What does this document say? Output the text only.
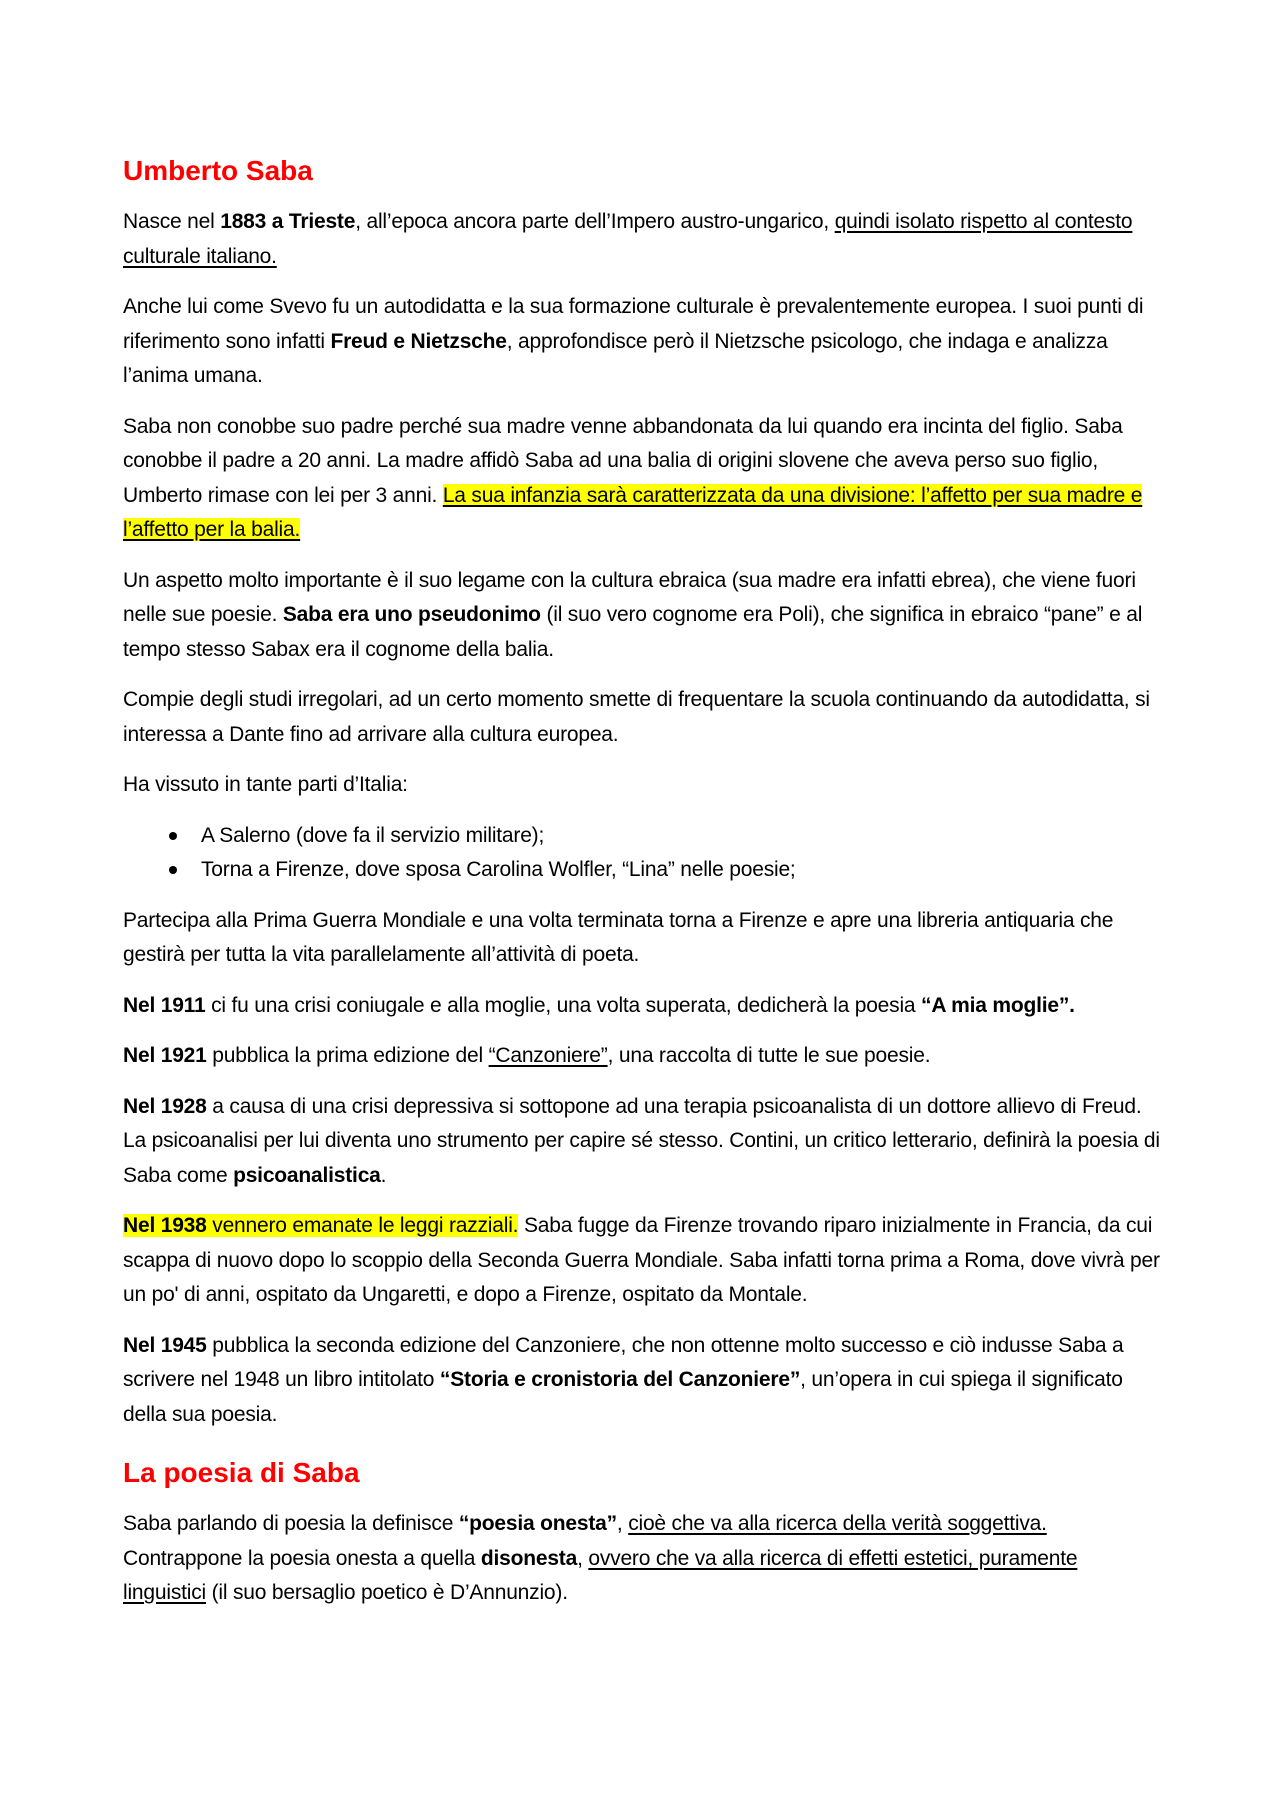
Umberto Saba

Nasce nel 1883 a Trieste, all’epoca ancora parte dell’Impero austro-ungarico, quindi isolato rispetto al contesto culturale italiano.

Anche lui come Svevo fu un autodidatta e la sua formazione culturale è prevalentemente europea. I suoi punti di riferimento sono infatti Freud e Nietzsche, approfondisce però il Nietzsche psicologo, che indaga e analizza l’anima umana.

Saba non conobbe suo padre perché sua madre venne abbandonata da lui quando era incinta del figlio. Saba conobbe il padre a 20 anni. La madre affidò Saba ad una balia di origini slovene che aveva perso suo figlio, Umberto rimase con lei per 3 anni. La sua infanzia sarà caratterizzata da una divisione: l’affetto per sua madre e l’affetto per la balia.

Un aspetto molto importante è il suo legame con la cultura ebraica (sua madre era infatti ebrea), che viene fuori nelle sue poesie. Saba era uno pseudonimo (il suo vero cognome era Poli), che significa in ebraico “pane” e al tempo stesso Sabax era il cognome della balia.

Compie degli studi irregolari, ad un certo momento smette di frequentare la scuola continuando da autodidatta, si interessa a Dante fino ad arrivare alla cultura europea.

Ha vissuto in tante parti d’Italia:

A Salerno (dove fa il servizio militare);
Torna a Firenze, dove sposa Carolina Wolfler, “Lina” nelle poesie;

Partecipa alla Prima Guerra Mondiale e una volta terminata torna a Firenze e apre una libreria antiquaria che gestirà per tutta la vita parallelamente all’attività di poeta.

Nel 1911 ci fu una crisi coniugale e alla moglie, una volta superata, dedicherà la poesia “A mia moglie”.

Nel 1921 pubblica la prima edizione del “Canzoniere”, una raccolta di tutte le sue poesie.

Nel 1928 a causa di una crisi depressiva si sottopone ad una terapia psicoanalista di un dottore allievo di Freud. La psicoanalisi per lui diventa uno strumento per capire sé stesso. Contini, un critico letterario, definirà la poesia di Saba come psicoanalistica.

Nel 1938 vennero emanate le leggi razziali. Saba fugge da Firenze trovando riparo inizialmente in Francia, da cui scappa di nuovo dopo lo scoppio della Seconda Guerra Mondiale. Saba infatti torna prima a Roma, dove vivrà per un po' di anni, ospitato da Ungaretti, e dopo a Firenze, ospitato da Montale.

Nel 1945 pubblica la seconda edizione del Canzoniere, che non ottenne molto successo e ciò indusse Saba a scrivere nel 1948 un libro intitolato “Storia e cronistoria del Canzoniere”, un’opera in cui spiega il significato della sua poesia.

La poesia di Saba

Saba parlando di poesia la definisce “poesia onesta”, cioè che va alla ricerca della verità soggettiva. Contrappone la poesia onesta a quella disonesta, ovvero che va alla ricerca di effetti estetici, puramente linguistici (il suo bersaglio poetico è D’Annunzio).
